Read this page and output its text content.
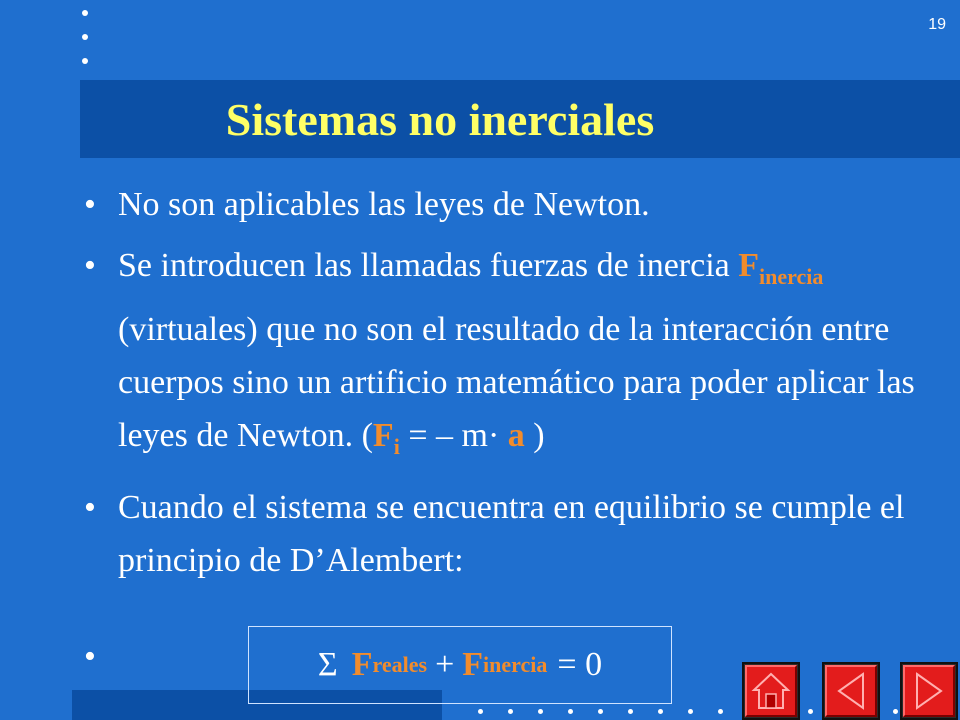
19
Sistemas no inerciales
• No son aplicables las leyes de Newton.
• Se introducen las llamadas fuerzas de inercia $F_{inercia}$ (virtuales) que no son el resultado de la interacción entre cuerpos sino un artificio matemático para poder aplicar las leyes de Newton. ($F_i$ = – m· a )
• Cuando el sistema se encuentra en equilibrio se cumple el principio de D’Alembert:
•	Σ F reales + F inercia = 0
